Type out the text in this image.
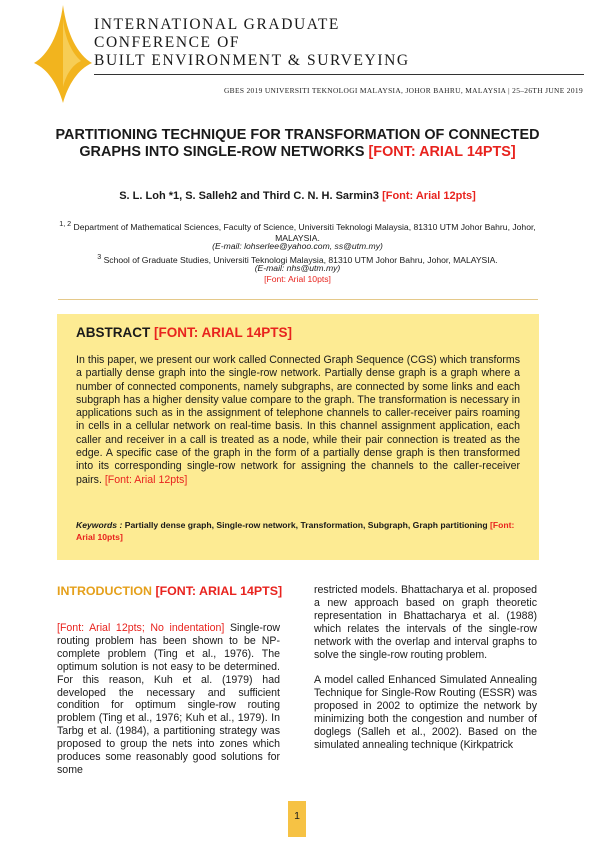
INTERNATIONAL GRADUATE
CONFERENCE OF
BUILT ENVIRONMENT & SURVEYING
GBES 2019 UNIVERSITI TEKNOLOGI MALAYSIA, JOHOR BAHRU, MALAYSIA | 25–26TH JUNE 2019
PARTITIONING TECHNIQUE FOR TRANSFORMATION OF CONNECTED GRAPHS INTO SINGLE-ROW NETWORKS [FONT: ARIAL 14PTS]
S. L. Loh *1, S. Salleh2 and Third C. N. H. Sarmin3 [Font: Arial 12pts]
$^{1, 2}$ Department of Mathematical Sciences, Faculty of Science, Universiti Teknologi Malaysia, 81310 UTM Johor Bahru, Johor, MALAYSIA.
(E-mail: lohserlee@yahoo.com, ss@utm.my)
$^3$ School of Graduate Studies, Universiti Teknologi Malaysia, 81310 UTM Johor Bahru, Johor, MALAYSIA.
(E-mail: nhs@utm.my)
[Font: Arial 10pts]
ABSTRACT [FONT: ARIAL 14PTS]
In this paper, we present our work called Connected Graph Sequence (CGS) which transforms a partially dense graph into the single-row network. Partially dense graph is a graph where a number of connected components, namely subgraphs, are connected by some links and each subgraph has a higher density value compare to the graph. The transformation is necessary in applications such as in the assignment of telephone channels to caller-receiver pairs roaming in cells in a cellular network on real-time basis. In this channel assignment application, each caller and receiver in a call is treated as a node, while their pair connection is treated as the edge. A specific case of the graph in the form of a partially dense graph is then transformed into its corresponding single-row network for assigning the channels to the caller-receiver pairs. [Font: Arial 12pts]
Keywords : Partially dense graph, Single-row network, Transformation, Subgraph, Graph partitioning [Font: Arial 10pts]
INTRODUCTION [FONT: ARIAL 14PTS]
[Font: Arial 12pts; No indentation] Single-row routing problem has been shown to be NP-complete problem (Ting et al., 1976). The optimum solution is not easy to be determined. For this reason, Kuh et al. (1979) had developed the necessary and sufficient condition for optimum single-row routing problem (Ting et al., 1976; Kuh et al., 1979). In Tarbg et al. (1984), a partitioning strategy was proposed to group the nets into zones which produces some reasonably good solutions for some
restricted models. Bhattacharya et al. proposed a new approach based on graph theoretic representation in Bhattacharya et al. (1988) which relates the intervals of the single-row network with the overlap and interval graphs to solve the single-row routing problem.
A model called Enhanced Simulated Annealing Technique for Single-Row Routing (ESSR) was proposed in 2002 to optimize the network by minimizing both the congestion and number of doglegs (Salleh et al., 2002). Based on the simulated annealing technique (Kirkpatrick
1
